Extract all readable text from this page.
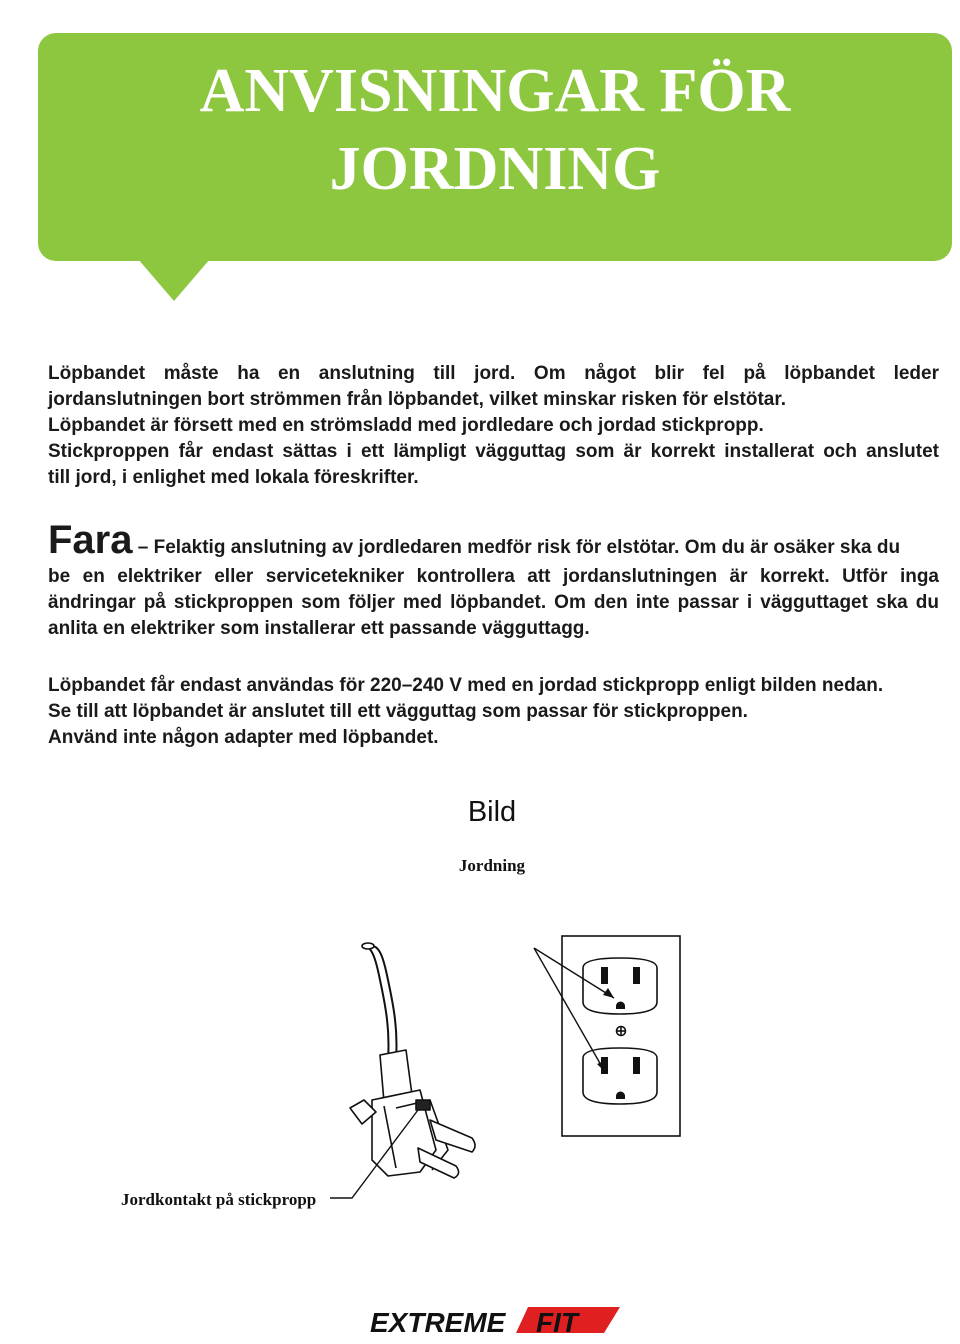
ANVISNINGAR FÖR
JORDNING

Löpbandet måste ha en anslutning till jord. Om något blir fel på löpbandet leder
jordanslutningen bort strömmen från löpbandet, vilket minskar risken för elstötar.
Löpbandet är försett med en strömsladd med jordledare och jordad stickpropp.
Stickproppen får endast sättas i ett lämpligt vägguttag som är korrekt installerat och anslutet
till jord, i enlighet med lokala föreskrifter.

Fara – Felaktig anslutning av jordledaren medför risk för elstötar. Om du är osäker ska du
be en elektriker eller servicetekniker kontrollera att jordanslutningen är korrekt. Utför inga
ändringar på stickproppen som följer med löpbandet. Om den inte passar i vägguttaget ska du
anlita en elektriker som installerar ett passande vägguttagg.

Löpbandet får endast användas för 220–240 V med en jordad stickpropp enligt bilden nedan.
Se till att löpbandet är anslutet till ett vägguttag som passar för stickproppen.
Använd inte någon adapter med löpbandet.

Bild
Jordning
Jordkontakt på stickpropp
EXTREME FIT
